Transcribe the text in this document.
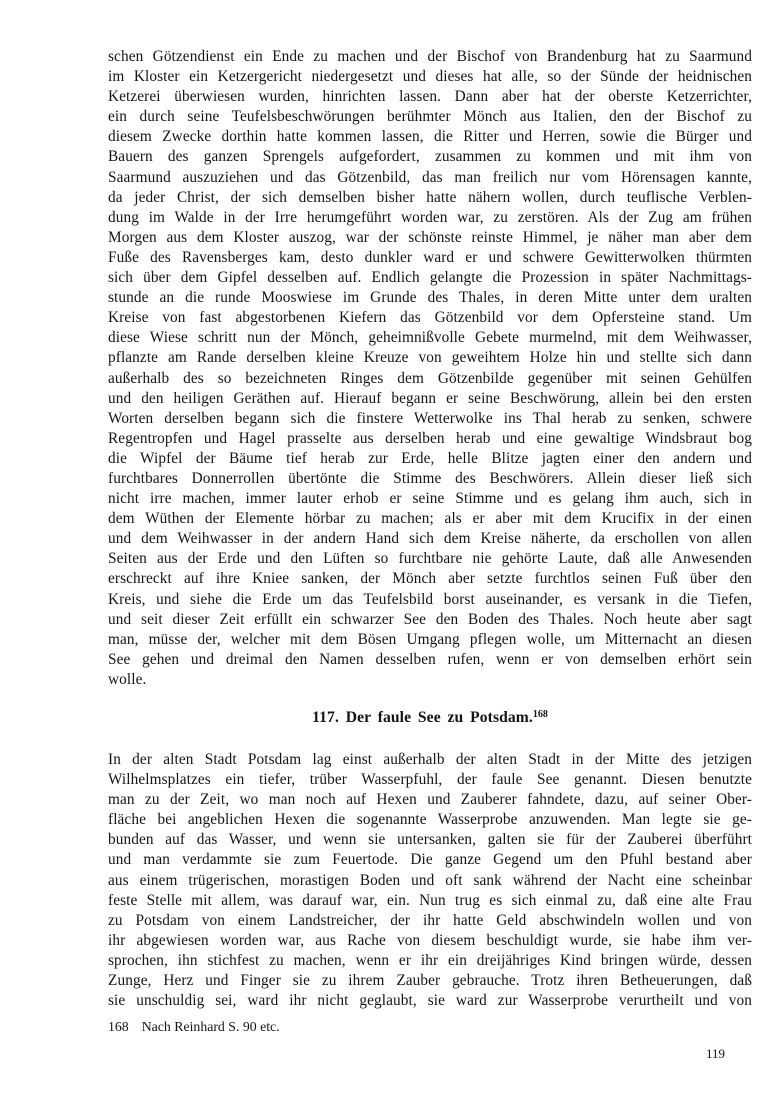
schen Götzendienst ein Ende zu machen und der Bischof von Brandenburg hat zu Saarmund
im Kloster ein Ketzergericht niedergesetzt und dieses hat alle, so der Sünde der heidnischen
Ketzerei überwiesen wurden, hinrichten lassen. Dann aber hat der oberste Ketzerrichter,
ein durch seine Teufelsbeschwörungen berühmter Mönch aus Italien, den der Bischof zu
diesem Zwecke dorthin hatte kommen lassen, die Ritter und Herren, sowie die Bürger und
Bauern des ganzen Sprengels aufgefordert, zusammen zu kommen und mit ihm von
Saarmund auszuziehen und das Götzenbild, das man freilich nur vom Hörensagen kannte,
da jeder Christ, der sich demselben bisher hatte nähern wollen, durch teuflische Verblen-
dung im Walde in der Irre herumgeführt worden war, zu zerstören. Als der Zug am frühen
Morgen aus dem Kloster auszog, war der schönste reinste Himmel, je näher man aber dem
Fuße des Ravensberges kam, desto dunkler ward er und schwere Gewitterwolken thürmten
sich über dem Gipfel desselben auf. Endlich gelangte die Prozession in später Nachmittags-
stunde an die runde Mooswiese im Grunde des Thales, in deren Mitte unter dem uralten
Kreise von fast abgestorbenen Kiefern das Götzenbild vor dem Opfersteine stand. Um
diese Wiese schritt nun der Mönch, geheimnißvolle Gebete murmelnd, mit dem Weihwasser,
pflanzte am Rande derselben kleine Kreuze von geweihtem Holze hin und stellte sich dann
außerhalb des so bezeichneten Ringes dem Götzenbilde gegenüber mit seinen Gehülfen
und den heiligen Geräthen auf. Hierauf begann er seine Beschwörung, allein bei den ersten
Worten derselben begann sich die finstere Wetterwolke ins Thal herab zu senken, schwere
Regentropfen und Hagel prasselte aus derselben herab und eine gewaltige Windsbraut bog
die Wipfel der Bäume tief herab zur Erde, helle Blitze jagten einer den andern und
furchtbares Donnerrollen übertönte die Stimme des Beschwörers. Allein dieser ließ sich
nicht irre machen, immer lauter erhob er seine Stimme und es gelang ihm auch, sich in
dem Wüthen der Elemente hörbar zu machen; als er aber mit dem Krucifix in der einen
und dem Weihwasser in der andern Hand sich dem Kreise näherte, da erschollen von allen
Seiten aus der Erde und den Lüften so furchtbare nie gehörte Laute, daß alle Anwesenden
erschreckt auf ihre Kniee sanken, der Mönch aber setzte furchtlos seinen Fuß über den
Kreis, und siehe die Erde um das Teufelsbild borst auseinander, es versank in die Tiefen,
und seit dieser Zeit erfüllt ein schwarzer See den Boden des Thales. Noch heute aber sagt
man, müsse der, welcher mit dem Bösen Umgang pflegen wolle, um Mitternacht an diesen
See gehen und dreimal den Namen desselben rufen, wenn er von demselben erhört sein
wolle.
117. Der faule See zu Potsdam.$^{168}$
In der alten Stadt Potsdam lag einst außerhalb der alten Stadt in der Mitte des jetzigen
Wilhelmsplatzes ein tiefer, trüber Wasserpfuhl, der faule See genannt. Diesen benutzte
man zu der Zeit, wo man noch auf Hexen und Zauberer fahndete, dazu, auf seiner Ober-
fläche bei angeblichen Hexen die sogenannte Wasserprobe anzuwenden. Man legte sie ge-
bunden auf das Wasser, und wenn sie untersanken, galten sie für der Zauberei überführt
und man verdammte sie zum Feuertode. Die ganze Gegend um den Pfuhl bestand aber
aus einem trügerischen, morastigen Boden und oft sank während der Nacht eine scheinbar
feste Stelle mit allem, was darauf war, ein. Nun trug es sich einmal zu, daß eine alte Frau
zu Potsdam von einem Landstreicher, der ihr hatte Geld abschwindeln wollen und von
ihr abgewiesen worden war, aus Rache von diesem beschuldigt wurde, sie habe ihm ver-
sprochen, ihn stichfest zu machen, wenn er ihr ein dreijähriges Kind bringen würde, dessen
Zunge, Herz und Finger sie zu ihrem Zauber gebrauche. Trotz ihren Betheuerungen, daß
sie unschuldig sei, ward ihr nicht geglaubt, sie ward zur Wasserprobe verurtheilt und von
168 Nach Reinhard S. 90 etc.
119
